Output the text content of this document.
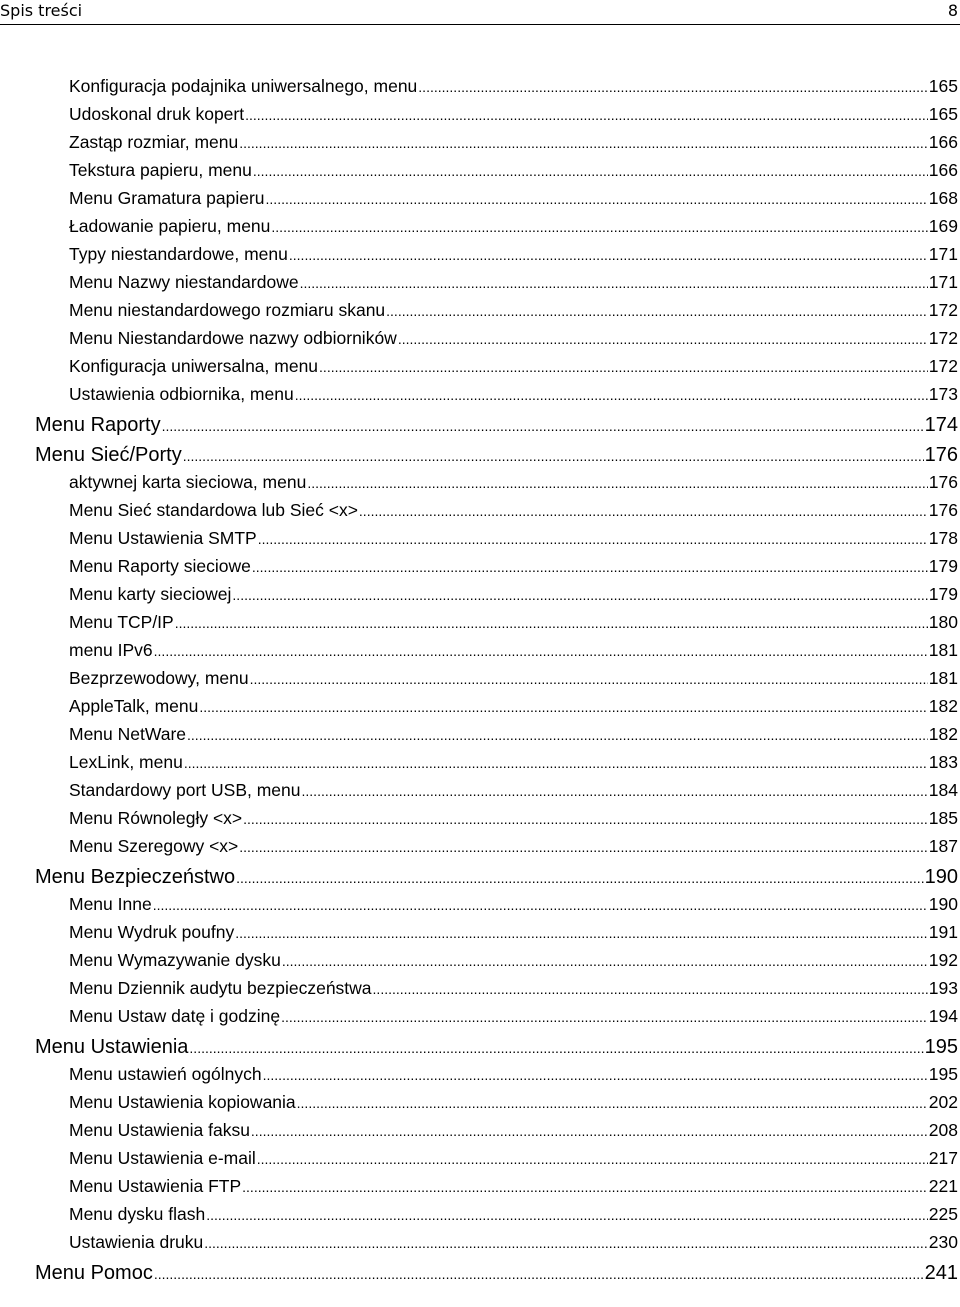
Spis treści	8
Konfiguracja podajnika uniwersalnego, menu .....	165
Udoskonal druk kopert .....	165
Zastąp rozmiar, menu .....	166
Tekstura papieru, menu .....	166
Menu Gramatura papieru .....	168
Ładowanie papieru, menu .....	169
Typy niestandardowe, menu .....	171
Menu Nazwy niestandardowe .....	171
Menu niestandardowego rozmiaru skanu .....	172
Menu Niestandardowe nazwy odbiorników .....	172
Konfiguracja uniwersalna, menu .....	172
Ustawienia odbiornika, menu .....	173
Menu Raporty .....	174
Menu Sieć/Porty .....	176
aktywnej karta sieciowa, menu .....	176
Menu Sieć standardowa lub Sieć <x> .....	176
Menu Ustawienia SMTP .....	178
Menu Raporty sieciowe .....	179
Menu karty sieciowej .....	179
Menu TCP/IP .....	180
menu IPv6 .....	181
Bezprzewodowy, menu .....	181
AppleTalk, menu .....	182
Menu NetWare .....	182
LexLink, menu .....	183
Standardowy port USB, menu .....	184
Menu Równoległy <x> .....	185
Menu Szeregowy <x> .....	187
Menu Bezpieczeństwo .....	190
Menu Inne .....	190
Menu Wydruk poufny .....	191
Menu Wymazywanie dysku .....	192
Menu Dziennik audytu bezpieczeństwa .....	193
Menu Ustaw datę i godzinę .....	194
Menu Ustawienia .....	195
Menu ustawień ogólnych .....	195
Menu Ustawienia kopiowania .....	202
Menu Ustawienia faksu .....	208
Menu Ustawienia e-mail .....	217
Menu Ustawienia FTP .....	221
Menu dysku flash .....	225
Ustawienia druku .....	230
Menu Pomoc .....	241
